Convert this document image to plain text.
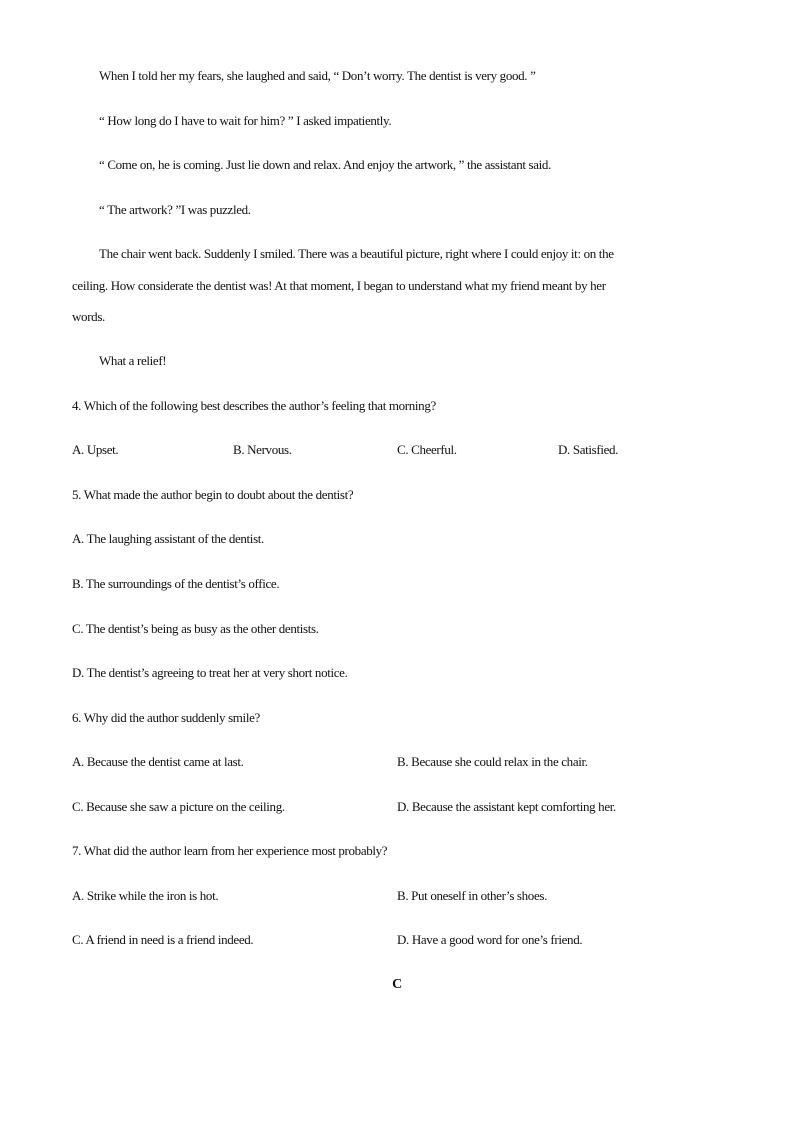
When I told her my fears, she laughed and said, “ Don’t worry. The dentist is very good. ”
“ How long do I have to wait for him? ” I asked impatiently.
“ Come on, he is coming. Just lie down and relax. And enjoy the artwork, ” the assistant said.
“ The artwork? ”I was puzzled.
The chair went back. Suddenly I smiled. There was a beautiful picture, right where I could enjoy it: on the
ceiling. How considerate the dentist was! At that moment, I began to understand what my friend meant by her
words.
What a relief!
4. Which of the following best describes the author’s feeling that morning?
A. Upset.	B. Nervous.	C. Cheerful.	D. Satisfied.
5. What made the author begin to doubt about the dentist?
A. The laughing assistant of the dentist.
B. The surroundings of the dentist’s office.
C. The dentist’s being as busy as the other dentists.
D. The dentist’s agreeing to treat her at very short notice.
6. Why did the author suddenly smile?
A. Because the dentist came at last.	B. Because she could relax in the chair.
C. Because she saw a picture on the ceiling.	D. Because the assistant kept comforting her.
7. What did the author learn from her experience most probably?
A. Strike while the iron is hot.	B. Put oneself in other’s shoes.
C. A friend in need is a friend indeed.	D. Have a good word for one’s friend.
C
